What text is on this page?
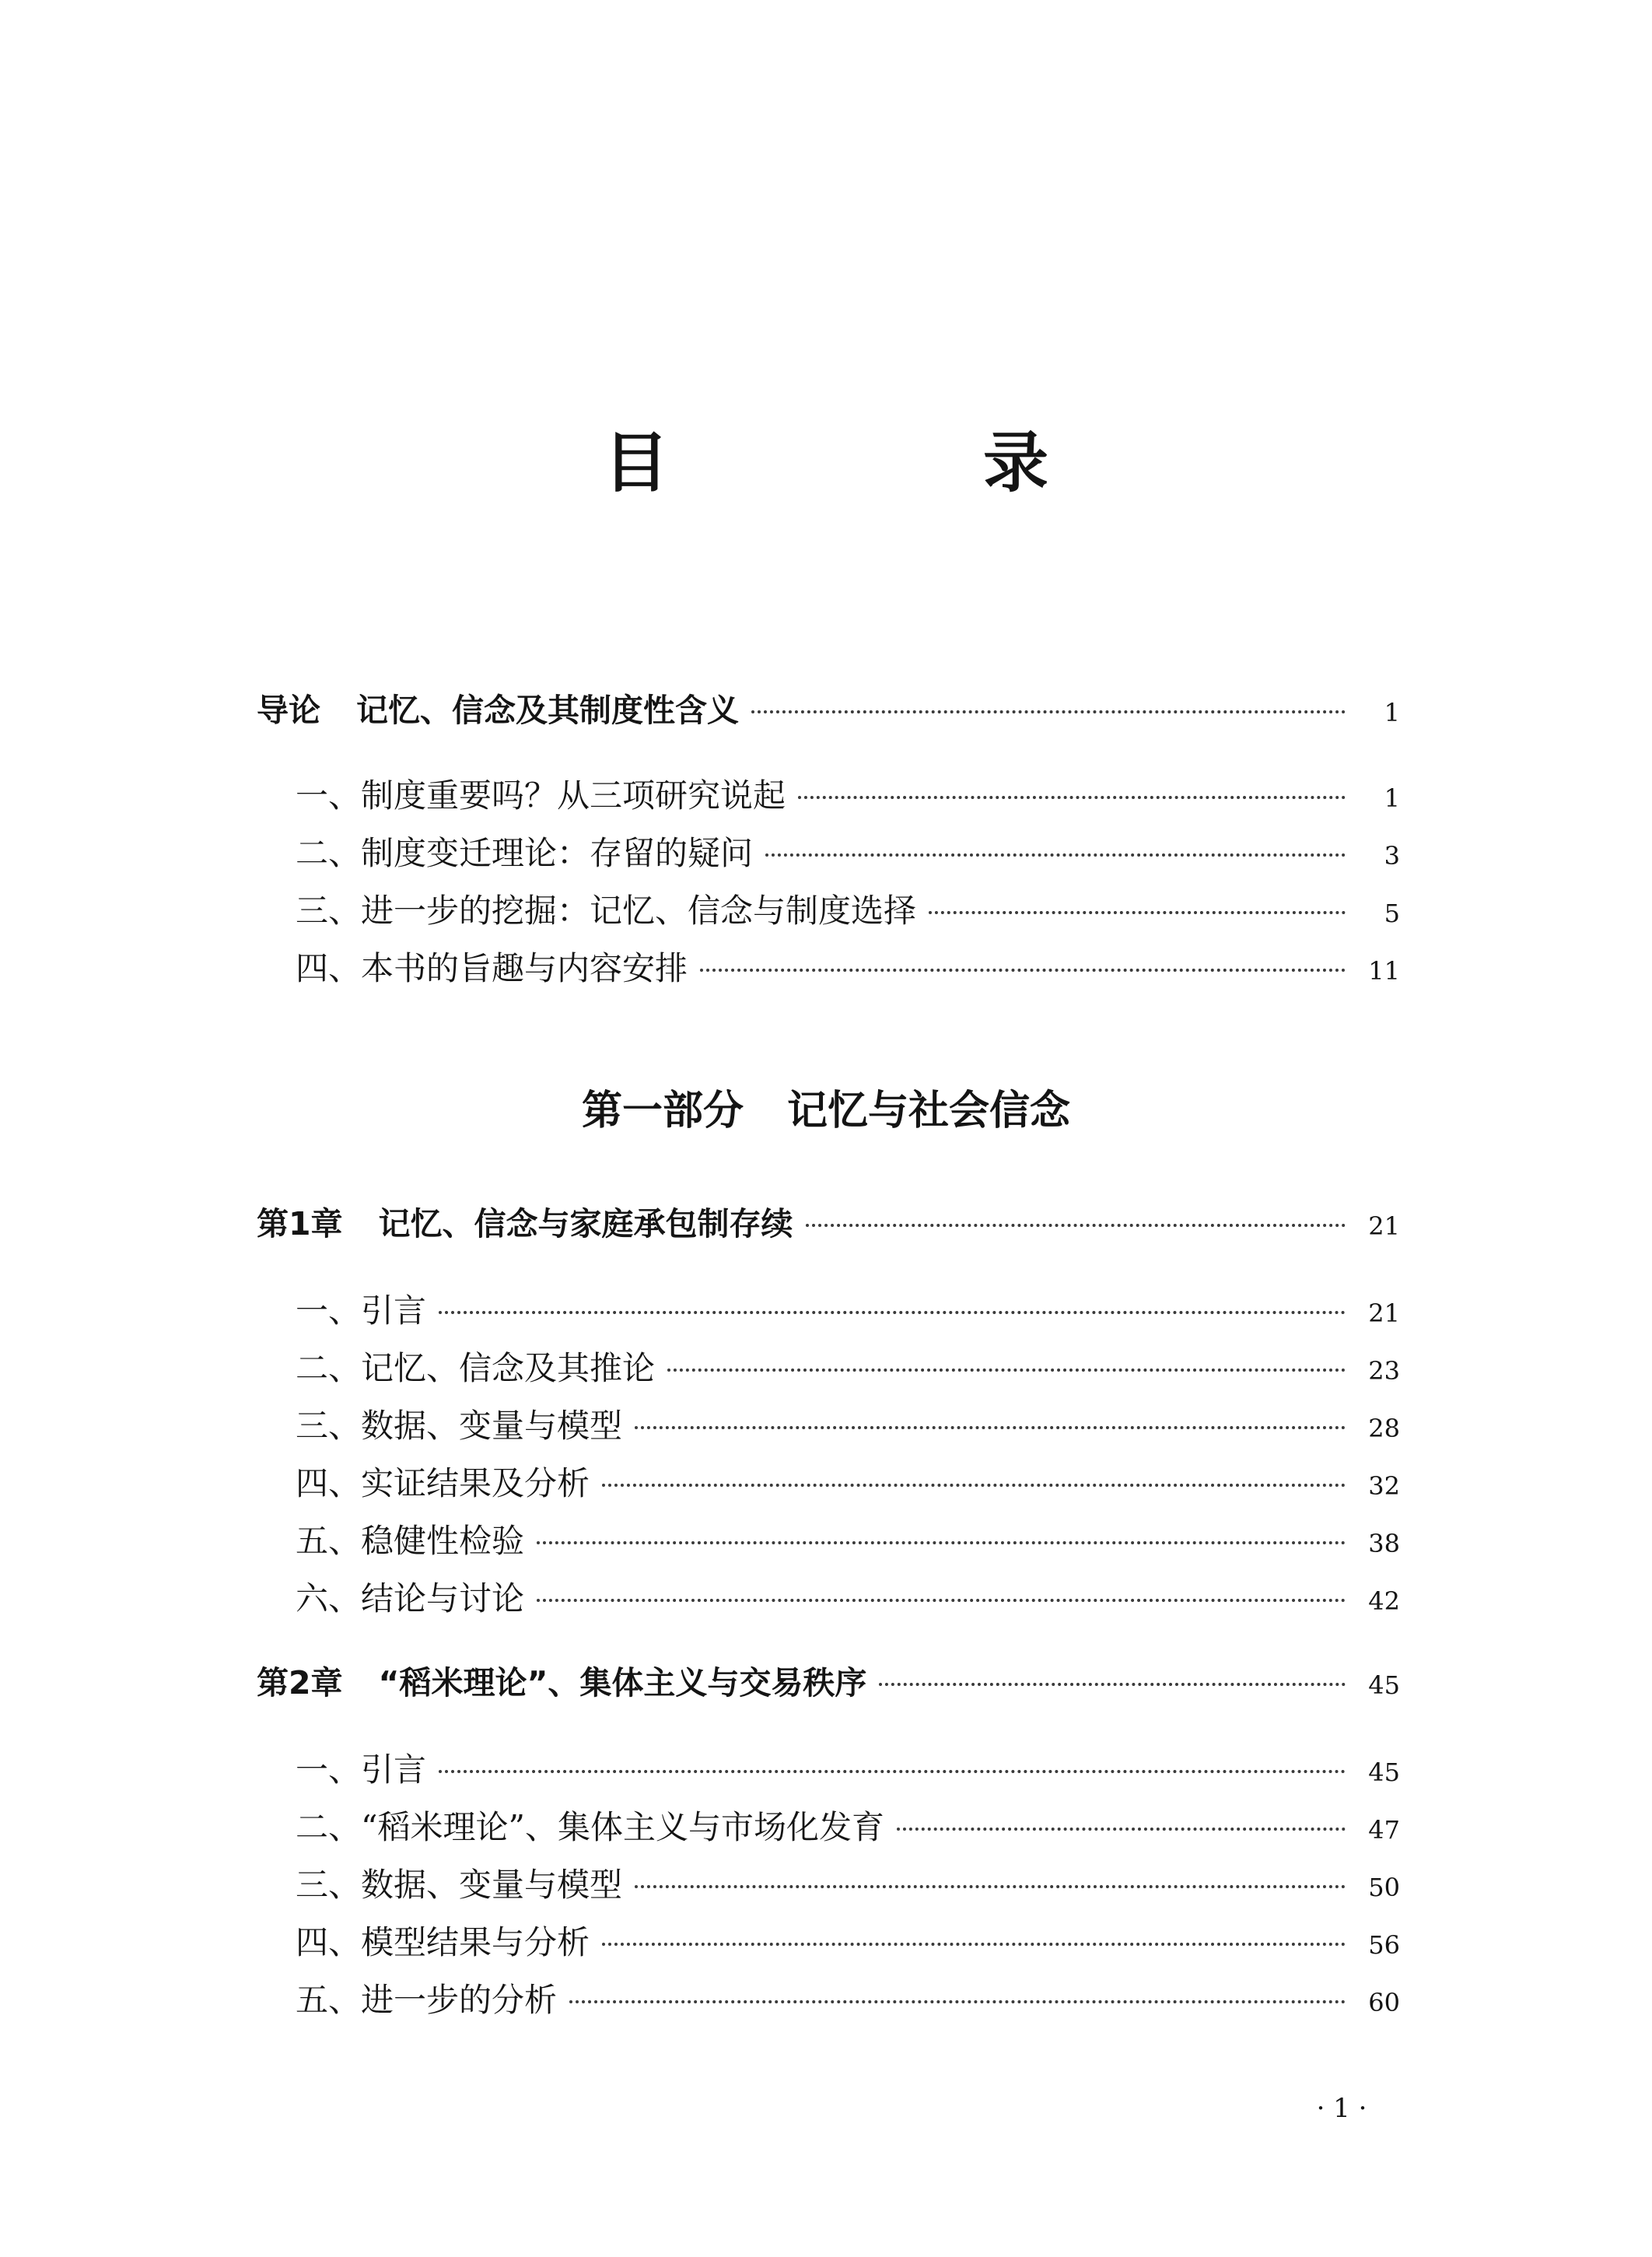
目　录
导论 记忆、信念及其制度性含义	1
一、制度重要吗？从三项研究说起	1
二、制度变迁理论：存留的疑问	3
三、进一步的挖掘：记忆、信念与制度选择	5
四、本书的旨趣与内容安排	11
第一部分 记忆与社会信念
第1章 记忆、信念与家庭承包制存续	21
一、引言	21
二、记忆、信念及其推论	23
三、数据、变量与模型	28
四、实证结果及分析	32
五、稳健性检验	38
六、结论与讨论	42
第2章 “稻米理论”、集体主义与交易秩序	45
一、引言	45
二、“稻米理论”、集体主义与市场化发育	47
三、数据、变量与模型	50
四、模型结果与分析	56
五、进一步的分析	60
· 1 ·
